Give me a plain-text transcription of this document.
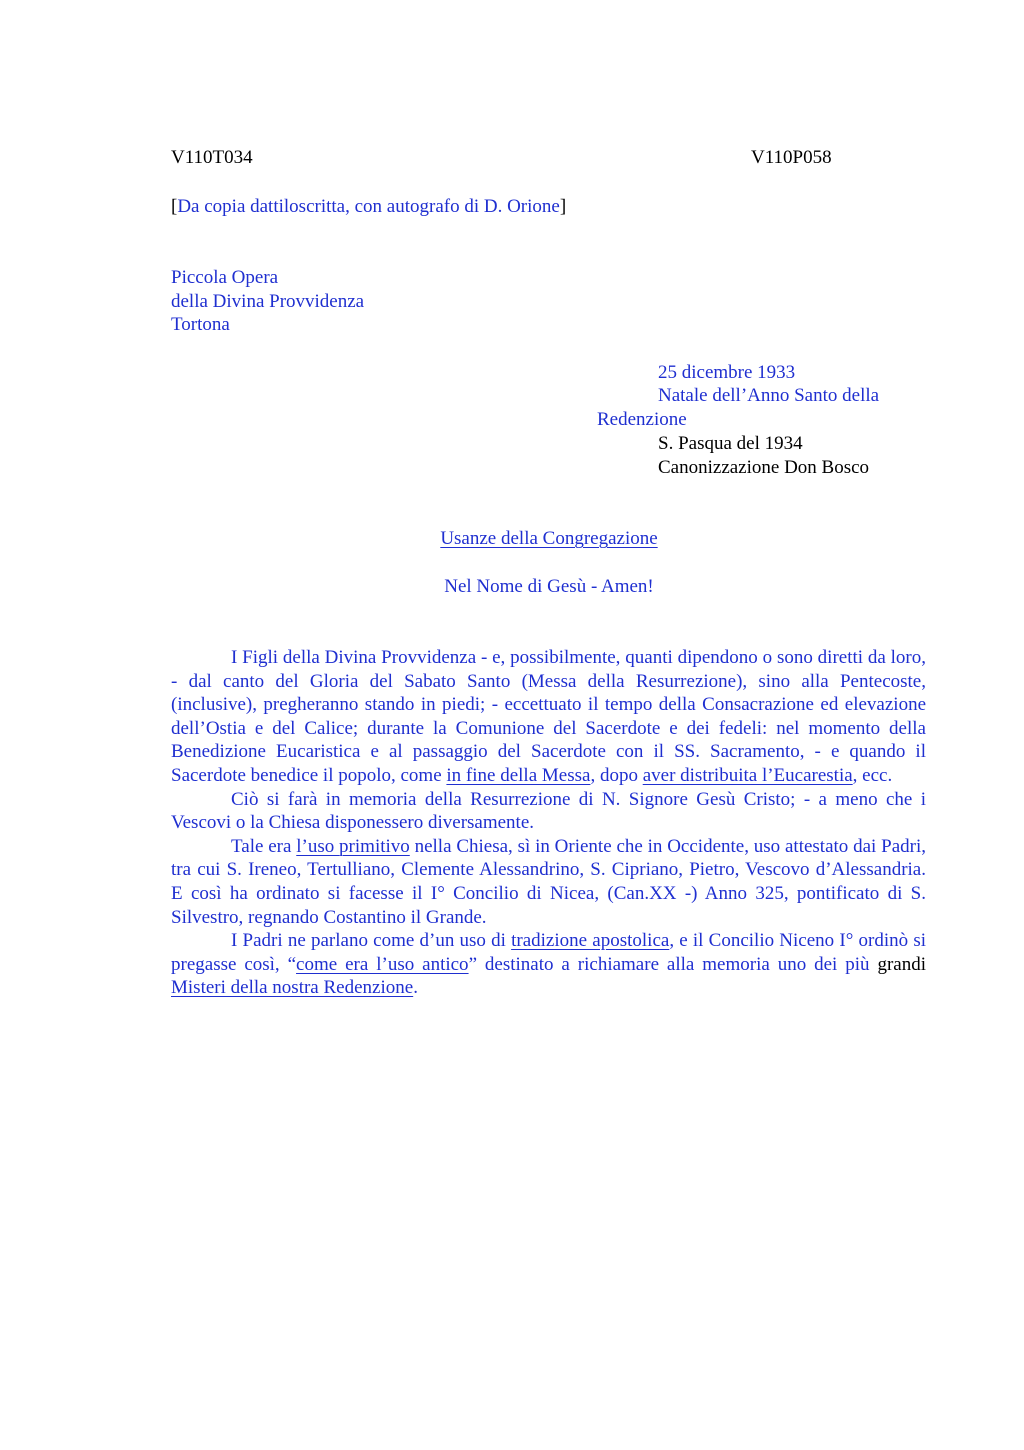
V110T034	V110P058
[Da copia dattiloscritta, con autografo di D. Orione]
Piccola Opera
della Divina Provvidenza
Tortona
25 dicembre 1933
Natale dell’Anno Santo della
Redenzione
S. Pasqua del 1934
Canonizzazione Don Bosco
Usanze della Congregazione
Nel Nome di Gesù - Amen!

I Figli della Divina Provvidenza - e, possibilmente, quanti dipendono o sono diretti da loro, - dal canto del Gloria del Sabato Santo (Messa della Resurrezione), sino alla Pentecoste, (inclusive), pregheranno stando in piedi; - eccettuato il tempo della Consacrazione ed elevazione dell’Ostia e del Calice; durante la Comunione del Sacerdote e dei fedeli: nel momento della Benedizione Eucaristica e al passaggio del Sacerdote con il SS. Sacramento, - e quando il Sacerdote benedice il popolo, come in fine della Messa, dopo aver distribuita l’Eucarestia, ecc.

Ciò si farà in memoria della Resurrezione di N. Signore Gesù Cristo; - a meno che i Vescovi o la Chiesa disponessero diversamente.

Tale era l’uso primitivo nella Chiesa, sì in Oriente che in Occidente, uso attestato dai Padri, tra cui S. Ireneo, Tertulliano, Clemente Alessandrino, S. Cipriano, Pietro, Vescovo d’Alessandria. E così ha ordinato si facesse il I° Concilio di Nicea, (Can.XX -) Anno 325, pontificato di S. Silvestro, regnando Costantino il Grande.

I Padri ne parlano come d’un uso di tradizione apostolica, e il Concilio Niceno I° ordinò si pregasse così, “come era l’uso antico” destinato a richiamare alla memoria uno dei più grandi Misteri della nostra Redenzione.
